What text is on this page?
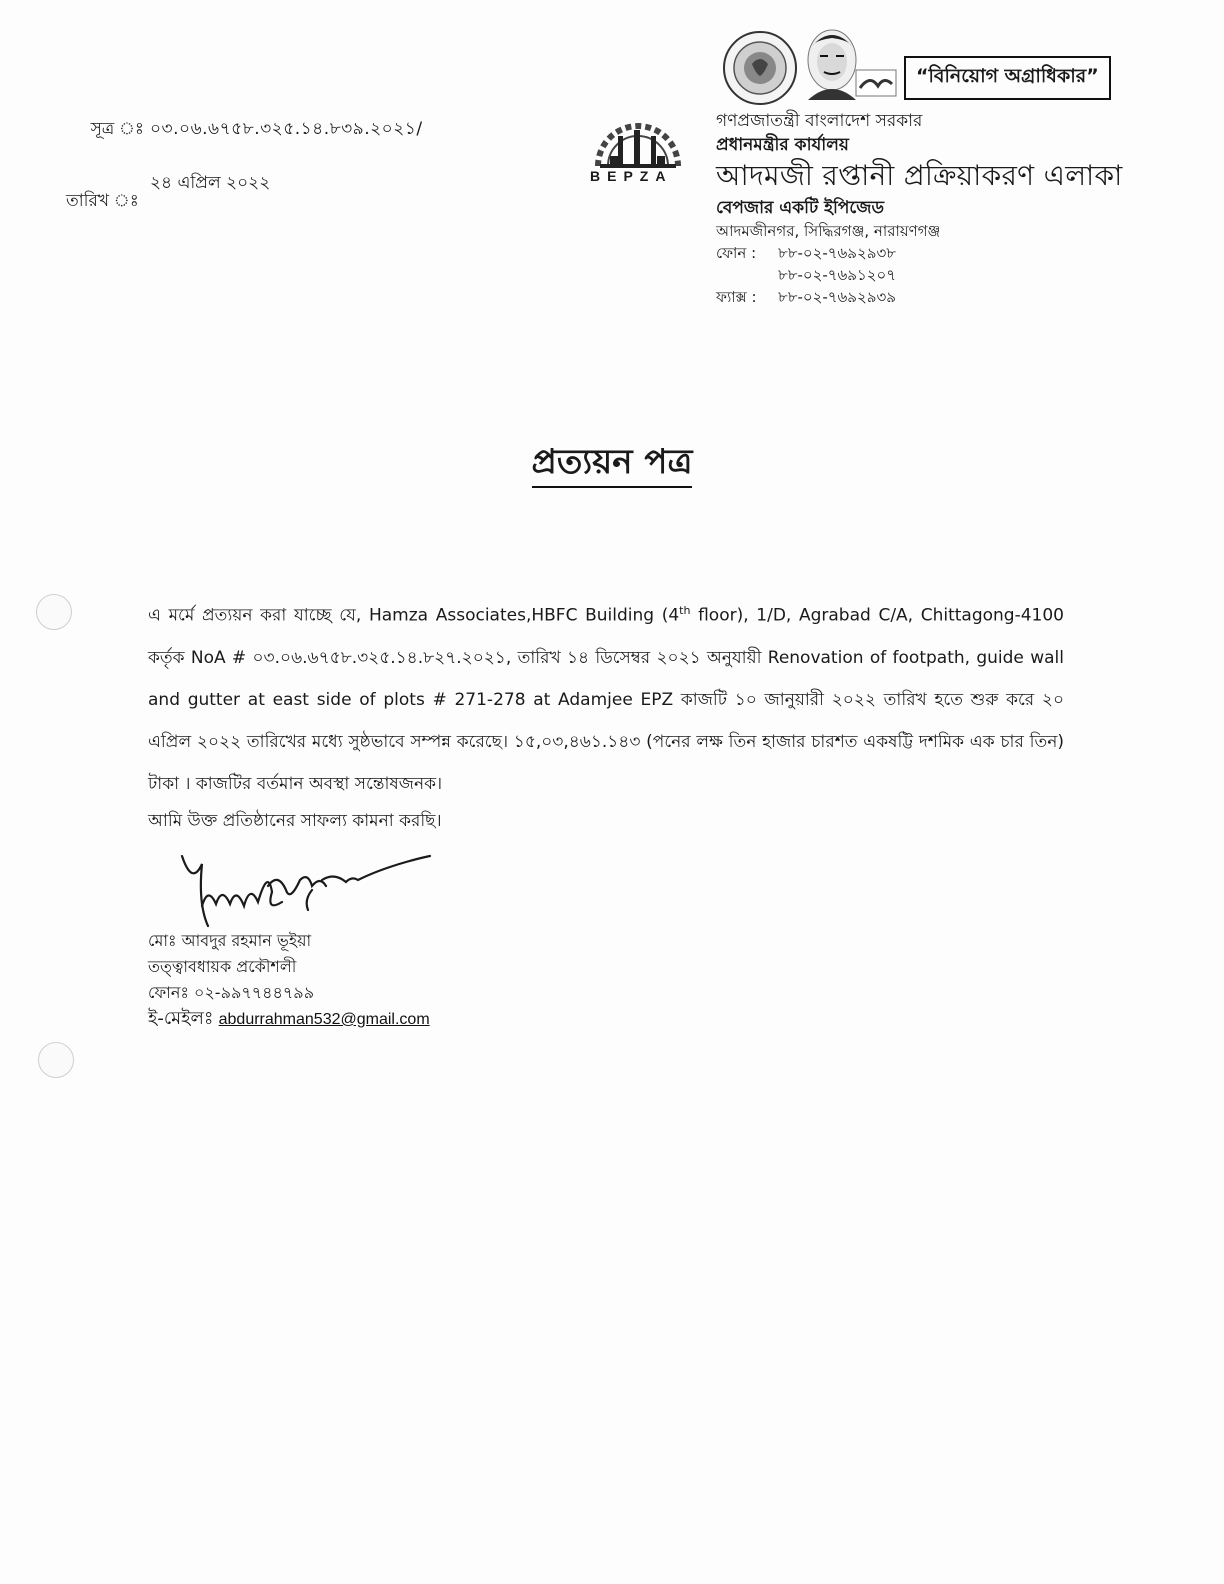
সূত্র ঃ ০৩.০৬.৬৭৫৮.৩২৫.১৪.৮৩৯.২০২১/
২৪ এপ্রিল ২০২২
তারিখ ঃ
BEPZA
“বিনিয়োগ অগ্রাধিকার”
গণপ্রজাতন্ত্রী বাংলাদেশ সরকার
প্রধানমন্ত্রীর কার্যালয়
আদমজী রপ্তানী প্রক্রিয়াকরণ এলাকা
বেপজার একটি ইপিজেড
আদমজীনগর, সিদ্ধিরগঞ্জ, নারায়ণগঞ্জ
ফোন :	৮৮-০২-৭৬৯২৯৩৮
৮৮-০২-৭৬৯১২০৭
ফ্যাক্স :	৮৮-০২-৭৬৯২৯৩৯
প্রত্যয়ন পত্র
এ মর্মে প্রত্যয়ন করা যাচ্ছে যে, Hamza Associates,HBFC Building (4th floor), 1/D, Agrabad C/A, Chittagong-4100 কর্তৃক NoA # ০৩.০৬.৬৭৫৮.৩২৫.১৪.৮২৭.২০২১, তারিখ ১৪ ডিসেম্বর ২০২১ অনুযায়ী Renovation of footpath, guide wall and gutter at east side of plots # 271-278 at Adamjee EPZ কাজটি ১০ জানুয়ারী ২০২২ তারিখ হতে শুরু করে ২০ এপ্রিল ২০২২ তারিখের মধ্যে সুষ্ঠভাবে সম্পন্ন করেছে। ১৫,০৩,৪৬১.১৪৩ (পনের লক্ষ তিন হাজার চারশত একষট্টি দশমিক এক চার তিন) টাকা । কাজটির বর্তমান অবস্থা সন্তোষজনক।
আমি উক্ত প্রতিষ্ঠানের সাফল্য কামনা করছি।
মোঃ আবদুর রহমান ভূইয়া
তত্ত্বাবধায়ক প্রকৌশলী
ফোনঃ ০২-৯৯৭৭৪৪৭৯৯
ই-মেইলঃ abdurrahman532@gmail.com
